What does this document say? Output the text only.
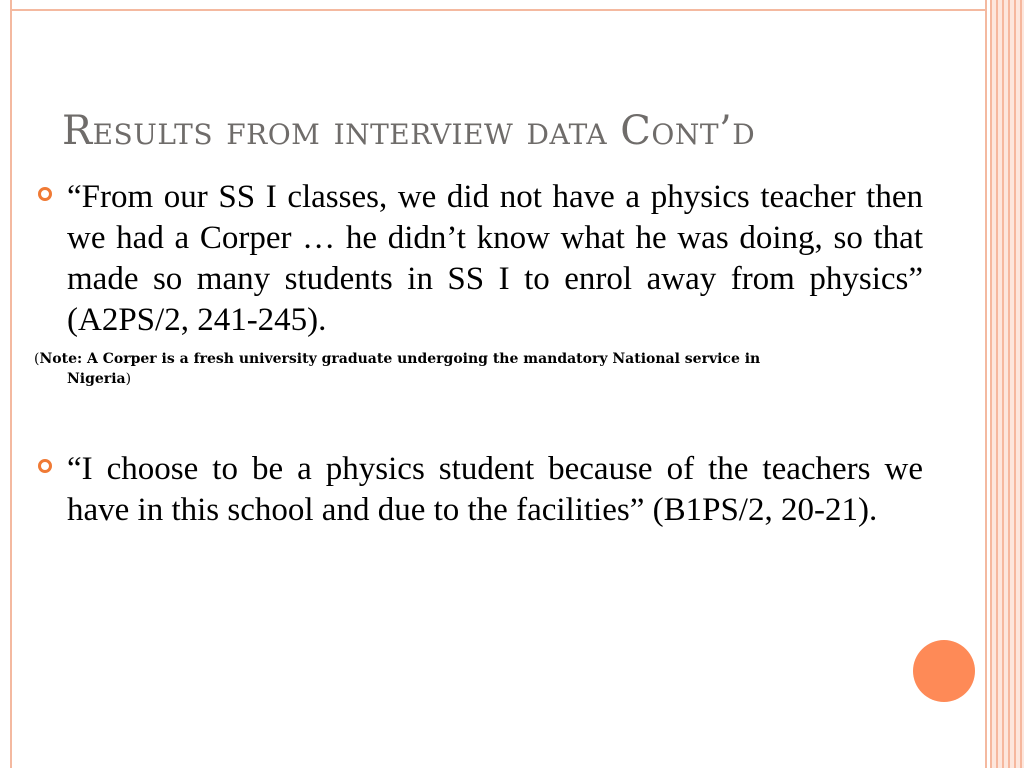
Results from interview data Cont’d
“From our SS I classes, we did not have a physics teacher then we had a Corper … he didn’t know what he was doing, so that made so many students in SS I to enrol away from physics” (A2PS/2, 241-245).
(Note: A Corper is a fresh university graduate undergoing the mandatory National service in
Nigeria)
“I choose to be a physics student because of the teachers we have in this school and due to the facilities” (B1PS/2, 20-21).
